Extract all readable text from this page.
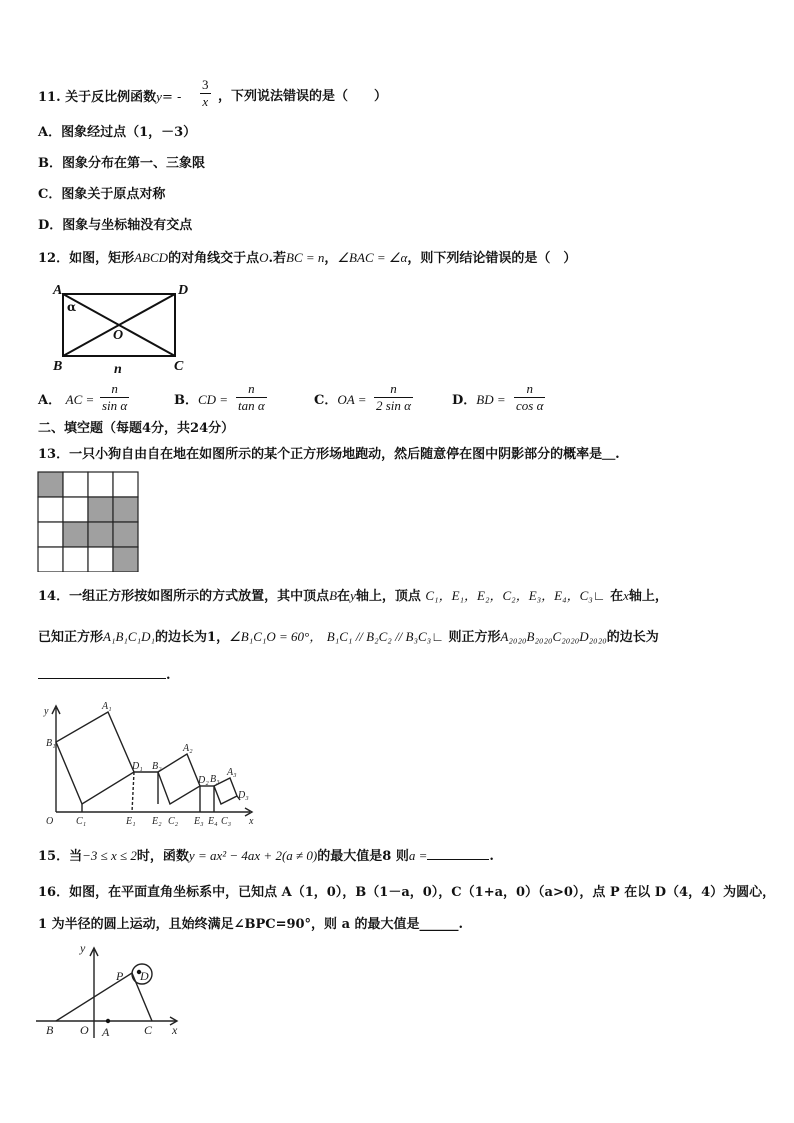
11. 关于反比例函数$y= - \frac{3}{x}$ ，下列说法错误的是（　　）
A．图象经过点（1，－3）
B．图象分布在第一、三象限
C．图象关于原点对称
D．图象与坐标轴没有交点
12．如图，矩形ABCD的对角线交于点O.若BC = n，∠BAC = ∠α，则下列结论错误的是（　）
A	D
B	C
O
n
α
A． AC = $\frac{n}{\text{sin α}}$	B．CD = $\frac{n}{\text{tan α}}$	C．OA = $\frac{n}{\text{2 sin α}}$	D．BD = $\frac{n}{\text{cos α}}$
二、填空题（每题4分，共24分）
13．一只小狗自由自在地在如图所示的某个正方形场地跑动，然后随意停在图中阴影部分的概率是＿.
14．一组正方形按如图所示的方式放置，其中顶点B在y轴上，顶点 C₁，E₁，E₂，C₂，E₃，E₄，C₃∟ 在x轴上，
已知正方形A₁B₁C₁D₁的边长为1，∠B₁C₁O = 60°， B₁C₁ // B₂C₂ // B₃C₃∟ 则正方形A₂₀₂₀B₂₀₂₀C₂₀₂₀D₂₀₂₀的边长为
.
y
x
O
B₁
A₁
C₁
D₁
E₁
B₂
A₂
E₂ C₂
D₂
E₃
B₃
A₃
E₄ C₃
D₃
15．当−3 ≤ x ≤ 2时，函数y = ax² − 4ax + 2(a ≠ 0)的最大值是8 则a =	.
16．如图，在平面直角坐标系中，已知点 A（1，0），B（1－a，0），C（1+a，0）（a>0），点 P 在以 D（4，4）为圆心，
1 为半径的圆上运动，且始终满足∠BPC=90°，则 a 的最大值是______.
y
x
O A
B	C
P D
